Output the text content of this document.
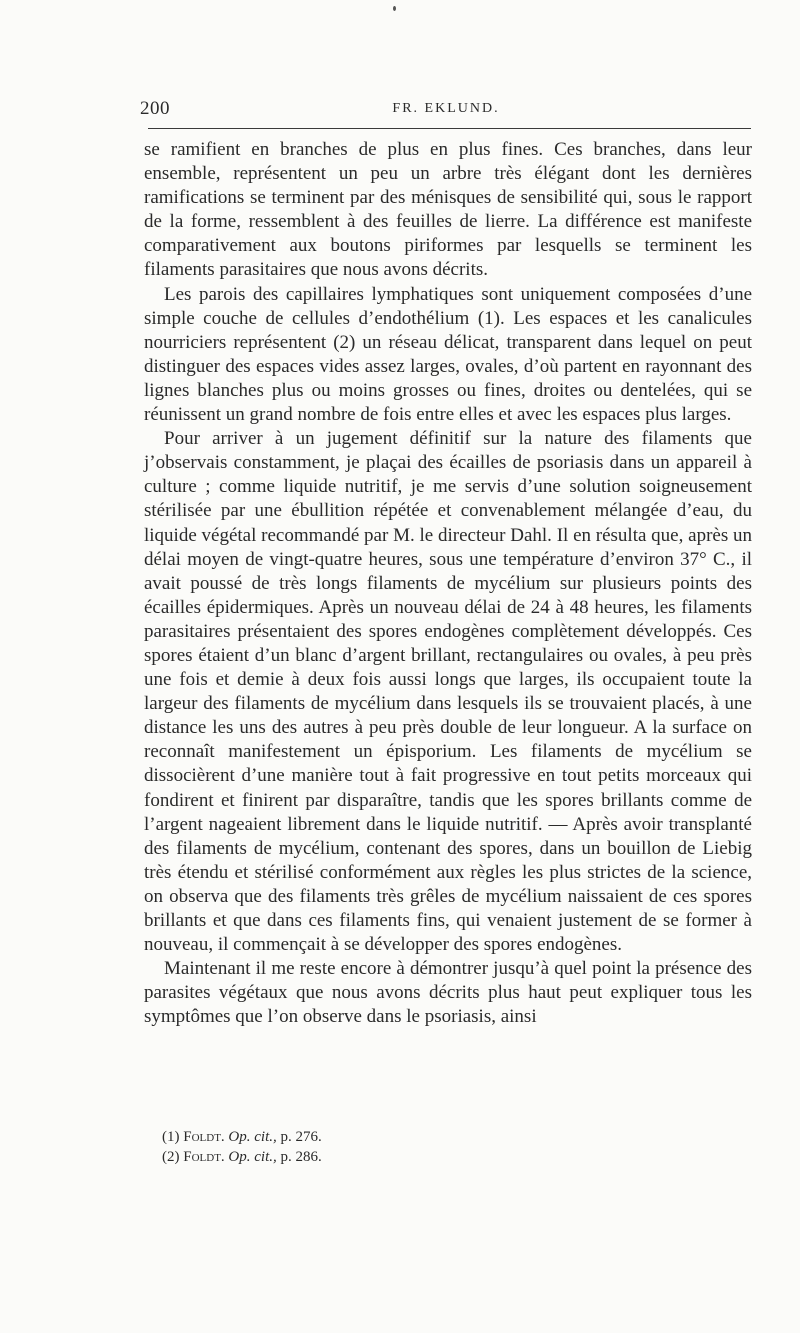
200	FR. EKLUND.

se ramifient en branches de plus en plus fines. Ces branches, dans leur ensemble, représentent un peu un arbre très élégant dont les dernières ramifications se terminent par des ménisques de sensibilité qui, sous le rapport de la forme, ressemblent à des feuilles de lierre. La différence est manifeste comparativement aux boutons piriformes par lesquells se terminent les filaments parasitaires que nous avons décrits.

Les parois des capillaires lymphatiques sont uniquement composées d’une simple couche de cellules d’endothélium (1). Les espaces et les canalicules nourriciers représentent (2) un réseau délicat, transparent dans lequel on peut distinguer des espaces vides assez larges, ovales, d’où partent en rayonnant des lignes blanches plus ou moins grosses ou fines, droites ou dentelées, qui se réunissent un grand nombre de fois entre elles et avec les espaces plus larges.

Pour arriver à un jugement définitif sur la nature des filaments que j’observais constamment, je plaçai des écailles de psoriasis dans un appareil à culture ; comme liquide nutritif, je me servis d’une solution soigneusement stérilisée par une ébullition répétée et convenablement mélangée d’eau, du liquide végétal recommandé par M. le directeur Dahl. Il en résulta que, après un délai moyen de vingt-quatre heures, sous une température d’environ 37° C., il avait poussé de très longs filaments de mycélium sur plusieurs points des écailles épidermiques. Après un nouveau délai de 24 à 48 heures, les filaments parasitaires présentaient des spores endogènes complètement développés. Ces spores étaient d’un blanc d’argent brillant, rectangulaires ou ovales, à peu près une fois et demie à deux fois aussi longs que larges, ils occupaient toute la largeur des filaments de mycélium dans lesquels ils se trouvaient placés, à une distance les uns des autres à peu près double de leur longueur. A la surface on reconnaît manifestement un épisporium. Les filaments de mycélium se dissocièrent d’une manière tout à fait progressive en tout petits morceaux qui fondirent et finirent par disparaître, tandis que les spores brillants comme de l’argent nageaient librement dans le liquide nutritif. — Après avoir transplanté des filaments de mycélium, contenant des spores, dans un bouillon de Liebig très étendu et stérilisé conformément aux règles les plus strictes de la science, on observa que des filaments très grêles de mycélium naissaient de ces spores brillants et que dans ces filaments fins, qui venaient justement de se former à nouveau, il commençait à se développer des spores endogènes.

Maintenant il me reste encore à démontrer jusqu’à quel point la présence des parasites végétaux que nous avons décrits plus haut peut expliquer tous les symptômes que l’on observe dans le psoriasis, ainsi

(1) Foldt. Op. cit., p. 276.
(2) Foldt. Op. cit., p. 286.
